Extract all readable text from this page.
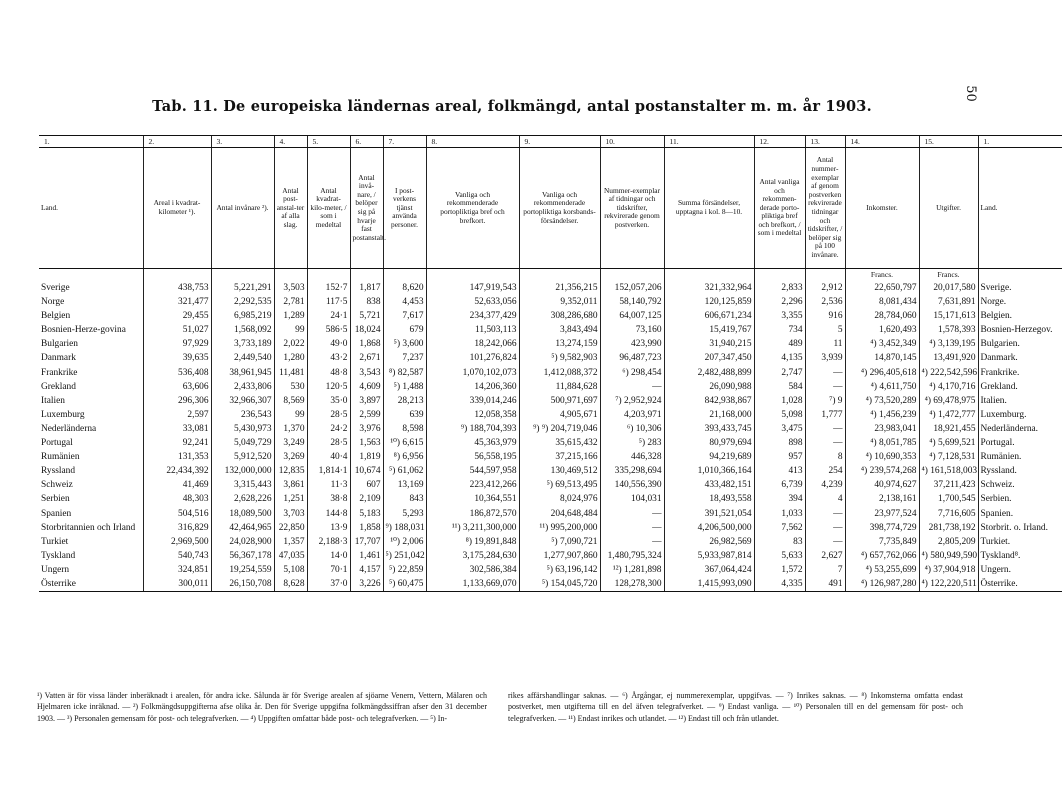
50
Tab. 11. De europeiska ländernas areal, folkmängd, antal postanstalter m. m. år 1903.
1.	2.	3.	4.	5.	6.	7.	8.	9.	10.	11.	12.	13.	14.	15.	1.
Land.	Areal i kvadrat-kilometer ¹).	Antal invånare ²).	Antal post-anstal-ter af alla slag.	Antal kvadrat-kilo-meter, / som i medeltal	Antal invå-nare, / belöper sig på hvarje fast postanstalt.	I post-verkens tjänst använda personer.	Vanliga och rekommenderade portopliktiga bref och brefkort.	Vanliga och rekommenderade portopliktiga korsbands-försändelser.	Nummer-exemplar af tidningar och tidskrifter, rekvirerade genom postverken.	Summa försändelser, upptagna i kol. 8—10.	Antal vanliga och rekommen-derade porto-pliktiga bref och brefkort, / som i medeltal	Antal nummer-exemplar af genom postverken rekvirerade tidningar och tidskrifter, / belöper sig på 100 invånare.	Inkomster.	Utgifter.	Land.
													Francs.	Francs.	
Sverige	438,753	5,221,291	3,503	152·7	1,817	8,620	147,919,543	21,356,215	152,057,206	321,332,964	2,833	2,912	22,650,797	20,017,580	Sverige.
Norge	321,477	2,292,535	2,781	117·5	838	4,453	52,633,056	9,352,011	58,140,792	120,125,859	2,296	2,536	8,081,434	7,631,891	Norge.
Belgien	29,455	6,985,219	1,289	24·1	5,721	7,617	234,377,429	308,286,680	64,007,125	606,671,234	3,355	916	28,784,060	15,171,613	Belgien.
Bosnien-Herze-govina	51,027	1,568,092	99	586·5	18,024	679	11,503,113	3,843,494	73,160	15,419,767	734	5	1,620,493	1,578,393	Bosnien-Herzegov.
Bulgarien	97,929	3,733,189	2,022	49·0	1,868	⁵) 3,600	18,242,066	13,274,159	423,990	31,940,215	489	11	⁴) 3,452,349	⁴) 3,139,195	Bulgarien.
Danmark	39,635	2,449,540	1,280	43·2	2,671	7,237	101,276,824	⁵) 9,582,903	96,487,723	207,347,450	4,135	3,939	14,870,145	13,491,920	Danmark.
Frankrike	536,408	38,961,945	11,481	48·8	3,543	⁸) 82,587	1,070,102,073	1,412,088,372	⁶) 298,454	2,482,488,899	2,747	—	⁴) 296,405,618	⁴) 222,542,596	Frankrike.
Grekland	63,606	2,433,806	530	120·5	4,609	⁵) 1,488	14,206,360	11,884,628	—	26,090,988	584	—	⁴) 4,611,750	⁴) 4,170,716	Grekland.
Italien	296,306	32,966,307	8,569	35·0	3,897	28,213	339,014,246	500,971,697	⁷) 2,952,924	842,938,867	1,028	⁷) 9	⁴) 73,520,289	⁴) 69,478,975	Italien.
Luxemburg	2,597	236,543	99	28·5	2,599	639	12,058,358	4,905,671	4,203,971	21,168,000	5,098	1,777	⁴) 1,456,239	⁴) 1,472,777	Luxemburg.
Nederländerna	33,081	5,430,973	1,370	24·2	3,976	8,598	⁹) 188,704,393	⁹) ⁹) 204,719,046	⁶) 10,306	393,433,745	3,475	—	23,983,041	18,921,455	Nederländerna.
Portugal	92,241	5,049,729	3,249	28·5	1,563	¹⁰) 6,615	45,363,979	35,615,432	⁵) 283	80,979,694	898	—	⁴) 8,051,785	⁴) 5,699,521	Portugal.
Rumänien	131,353	5,912,520	3,269	40·4	1,819	⁸) 6,956	56,558,195	37,215,166	446,328	94,219,689	957	8	⁴) 10,690,353	⁴) 7,128,531	Rumänien.
Ryssland	22,434,392	132,000,000	12,835	1,814·1	10,674	⁵) 61,062	544,597,958	130,469,512	335,298,694	1,010,366,164	413	254	⁴) 239,574,268	⁴) 161,518,003	Ryssland.
Schweiz	41,469	3,315,443	3,861	11·3	607	13,169	223,412,266	⁵) 69,513,495	140,556,390	433,482,151	6,739	4,239	40,974,627	37,211,423	Schweiz.
Serbien	48,303	2,628,226	1,251	38·8	2,109	843	10,364,551	8,024,976	104,031	18,493,558	394	4	2,138,161	1,700,545	Serbien.
Spanien	504,516	18,089,500	3,703	144·8	5,183	5,293	186,872,570	204,648,484	—	391,521,054	1,033	—	23,977,524	7,716,605	Spanien.
Storbritannien och Irland	316,829	42,464,965	22,850	13·9	1,858	⁹) 188,031	¹¹) 3,211,300,000	¹¹) 995,200,000	—	4,206,500,000	7,562	—	398,774,729	281,738,192	Storbrit. o. Irland.
Turkiet	2,969,500	24,028,900	1,357	2,188·3	17,707	¹⁰) 2,006	⁸) 19,891,848	⁵) 7,090,721	—	26,982,569	83	—	7,735,849	2,805,209	Turkiet.
Tyskland	540,743	56,367,178	47,035	14·0	1,461	⁵) 251,042	3,175,284,630	1,277,907,860	1,480,795,324	5,933,987,814	5,633	2,627	⁴) 657,762,066	⁴) 580,949,590	Tyskland⁸.
Ungern	324,851	19,254,559	5,108	70·1	4,157	⁵) 22,859	302,586,384	⁵) 63,196,142	¹²) 1,281,898	367,064,424	1,572	7	⁴) 53,255,699	⁴) 37,904,918	Ungern.
Österrike	300,011	26,150,708	8,628	37·0	3,226	⁵) 60,475	1,133,669,070	⁵) 154,045,720	128,278,300	1,415,993,090	4,335	491	⁴) 126,987,280	⁴) 122,220,511	Österrike.
¹) Vatten är för vissa länder inberäknadt i arealen, för andra icke. Sålunda är för Sverige arealen af sjöarne Venern, Vettern, Mälaren och Hjelmaren icke inräknad. — ²) Folkmängdsuppgifterna afse olika år. Den för Sverige uppgifna folkmängdssiffran afser den 31 december 1903. — ³) Personalen gemensam för post- och telegrafverken. — ⁴) Uppgiften omfattar både post- och telegrafverken. — ⁵) In-
rikes affärshandlingar saknas. — ⁶) Årgångar, ej nummerexemplar, uppgifvas. — ⁷) Inrikes saknas. — ⁸) Inkomsterna omfatta endast postverket, men utgifterna till en del äfven telegrafverket. — ⁹) Endast vanliga. — ¹⁰) Personalen till en del gemensam för post- och telegrafverken. — ¹¹) Endast inrikes och utlandet. — ¹²) Endast till och från utlandet.
